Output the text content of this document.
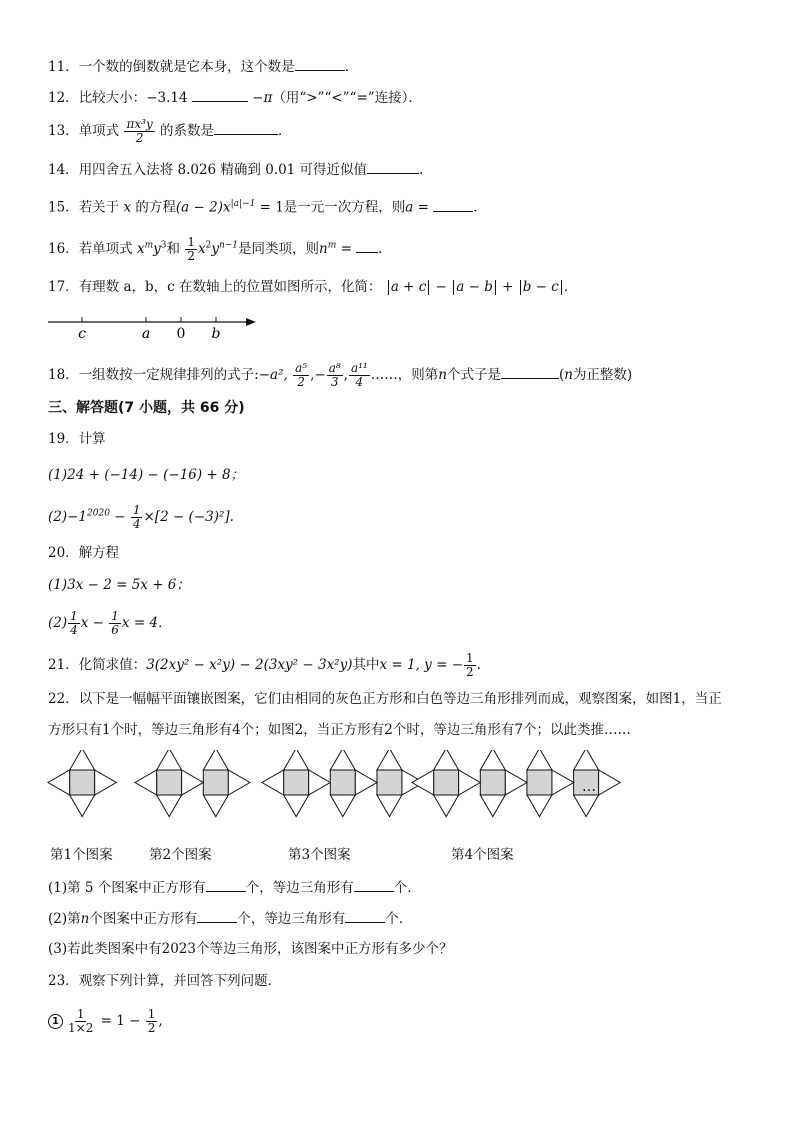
11．一个数的倒数就是它本身，这个数是	．
12．比较大小：−3.14	−π（用“>”“<”“=”连接）．
13．单项式 $\frac{\text{πx³y}}{2}$ 的系数是	．
14．用四舍五入法将 8.026 精确到 0.01 可得近似值	.
15．若关于 x 的方程$(a - 2)x^{|a|-1} = 1$是一元一次方程，则a =	．
16．若单项式 $x^my^3$和 $\frac{1}{2} x^2y^{n-1}$是同类项，则$n^m$ = ．
17．有理数 a，b，c 在数轴上的位置如图所示，化简： a + c − a − b + b − c ．
c	a 0 b
18．一组数按一定规律排列的式子:−a², $\frac{\text{a⁵}}{2}$ ,− $\frac{\text{a⁸}}{3}$ , $\frac{\text{a¹¹}}{4}$ ……，则第n个式子是	(n为正整数)
三、解答题(7 小题，共 66 分)
19．计算
(1)24 + (−14) − (−16) + 8；
$(2)-1^{2020} - \frac{1}{4} \times[2 - (-3)^2]$.
20．解方程
(1)3x − 2 = 5x + 6；
$(2) \frac{1}{4}$ $x - \frac{1}{6}$ x = 4．
21．化简求值：3(2xy² − x²y) − 2(3xy² − 3x²y)其中x = 1, y = − $\frac{1}{2}$ .
22．以下是一幅幅平面镶嵌图案，它们由相同的灰色正方形和白色等边三角形排列而成，观察图案，如图1，当正
方形只有1个时，等边三角形有4个；如图2，当正方形有2个时，等边三角形有7个；以此类推……
…
第1个图案	第2个图案	第3个图案	第4个图案
(1)第 5 个图案中正方形有	个，等边三角形有	个．
(2)第n个图案中正方形有	个，等边三角形有	个．
(3)若此类图案中有2023个等边三角形，该图案中正方形有多少个？
23．观察下列计算，并回答下列问题．
$1 \frac{1}{1\times 2} = 1 - \frac{1}{2}$ ,
